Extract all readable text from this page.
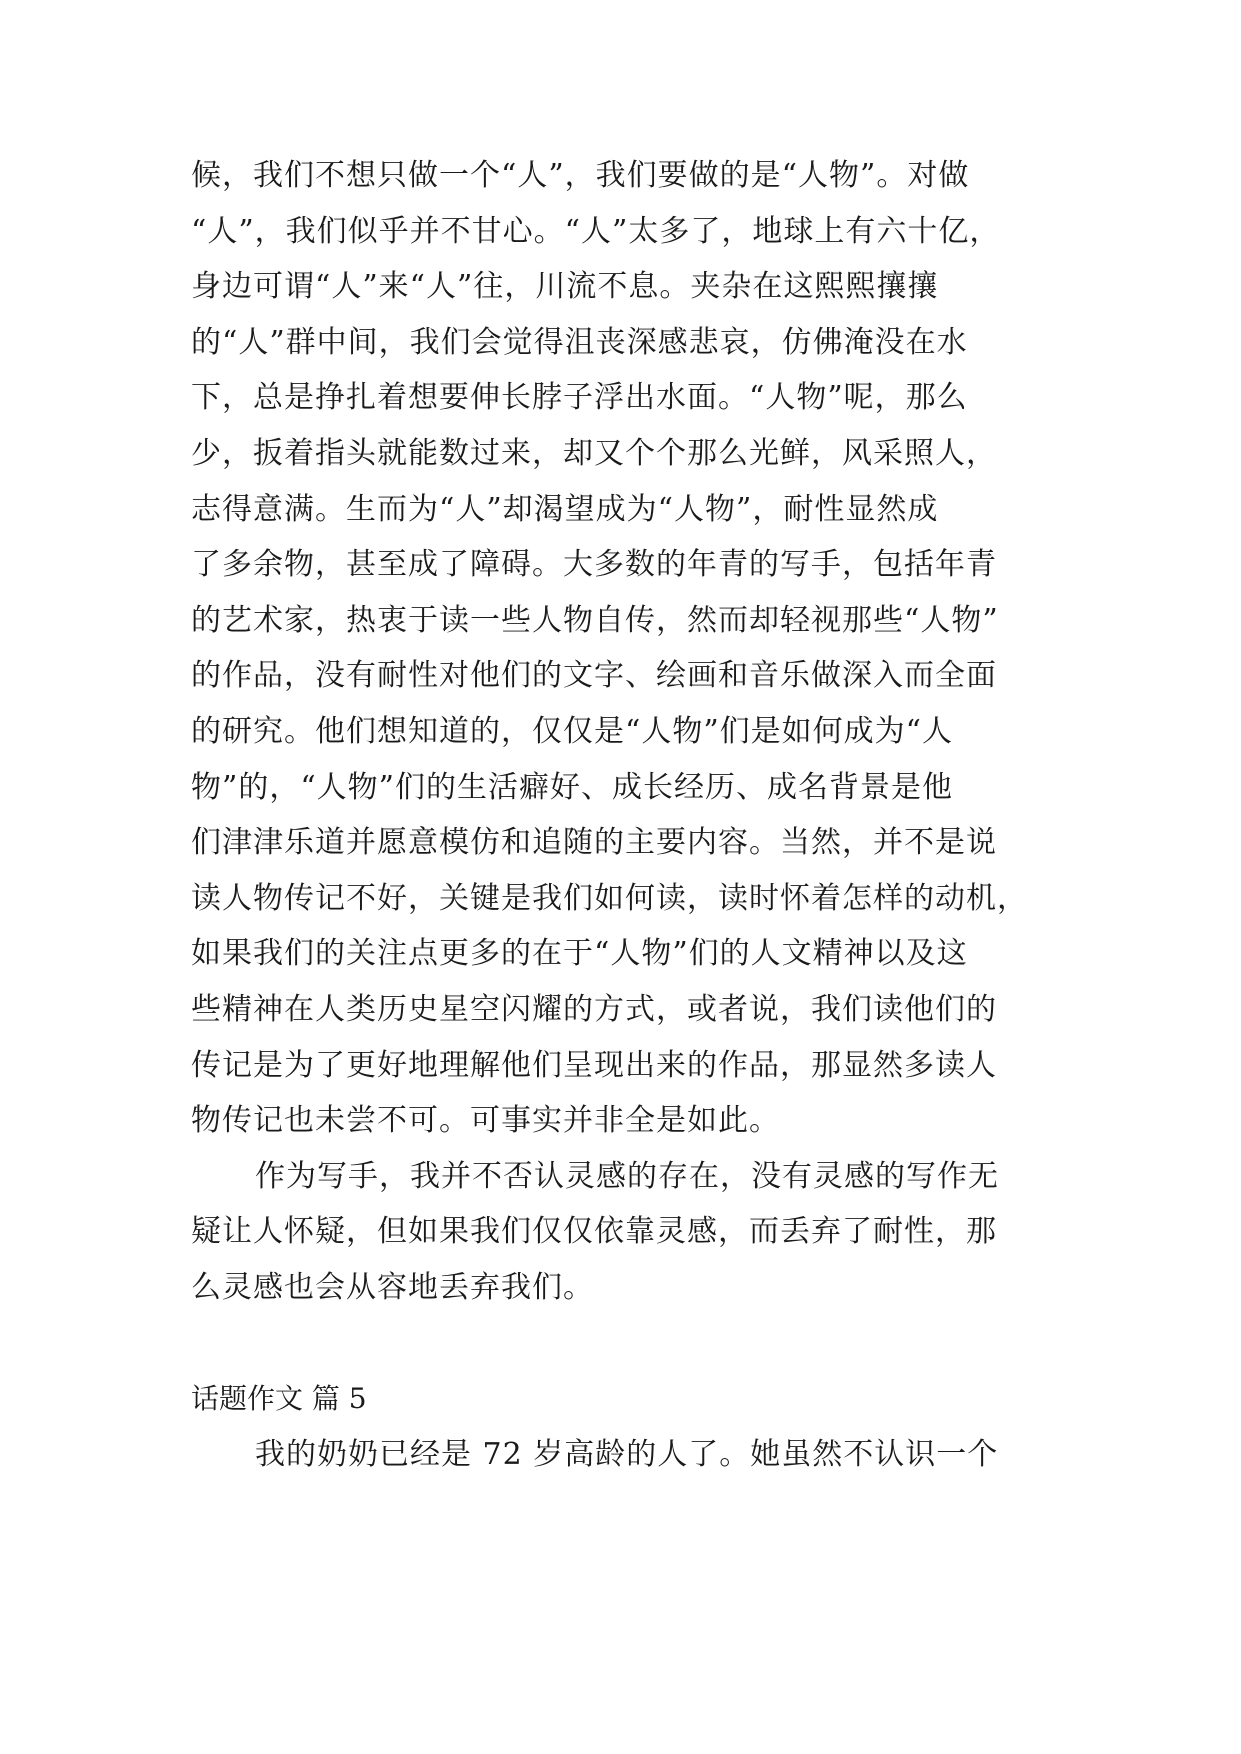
候，我们不想只做一个“人”，我们要做的是“人物”。对做
“人”，我们似乎并不甘心。“人”太多了，地球上有六十亿，
身边可谓“人”来“人”往，川流不息。夹杂在这熙熙攘攘
的“人”群中间，我们会觉得沮丧深感悲哀，仿佛淹没在水
下，总是挣扎着想要伸长脖子浮出水面。“人物”呢，那么
少，扳着指头就能数过来，却又个个那么光鲜，风采照人，
志得意满。生而为“人”却渴望成为“人物”，耐性显然成
了多余物，甚至成了障碍。大多数的年青的写手，包括年青
的艺术家，热衷于读一些人物自传，然而却轻视那些“人物”
的作品，没有耐性对他们的文字、绘画和音乐做深入而全面
的研究。他们想知道的，仅仅是“人物”们是如何成为“人
物”的，“人物”们的生活癖好、成长经历、成名背景是他
们津津乐道并愿意模仿和追随的主要内容。当然，并不是说
读人物传记不好，关键是我们如何读，读时怀着怎样的动机，
如果我们的关注点更多的在于“人物”们的人文精神以及这
些精神在人类历史星空闪耀的方式，或者说，我们读他们的
传记是为了更好地理解他们呈现出来的作品，那显然多读人
物传记也未尝不可。可事实并非全是如此。
作为写手，我并不否认灵感的存在，没有灵感的写作无
疑让人怀疑，但如果我们仅仅依靠灵感，而丢弃了耐性，那
么灵感也会从容地丢弃我们。
话题作文 篇 5
我的奶奶已经是 72 岁高龄的人了。她虽然不认识一个
